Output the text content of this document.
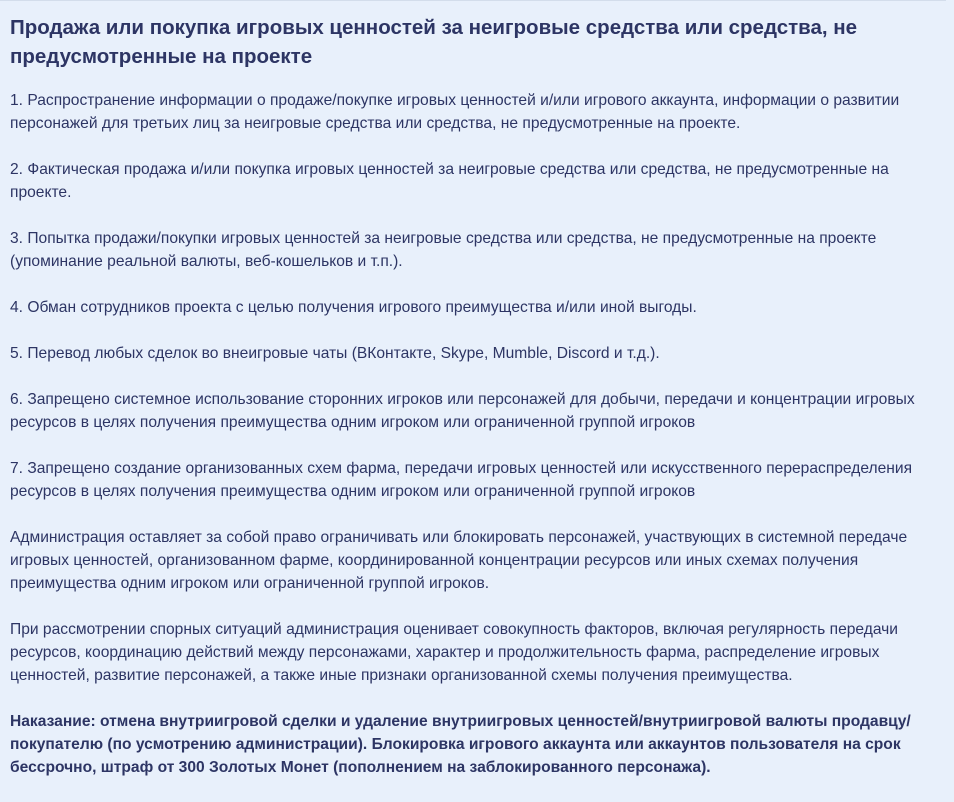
Продажа или покупка игровых ценностей за неигровые средства или средства, не предусмотренные на проекте

1. Распространение информации о продаже/покупке игровых ценностей и/или игрового аккаунта, информации о развитии персонажей для третьих лиц за неигровые средства или средства, не предусмотренные на проекте.

2. Фактическая продажа и/или покупка игровых ценностей за неигровые средства или средства, не предусмотренные на проекте.

3. Попытка продажи/покупки игровых ценностей за неигровые средства или средства, не предусмотренные на проекте (упоминание реальной валюты, веб-кошельков и т.п.).

4. Обман сотрудников проекта с целью получения игрового преимущества и/или иной выгоды.

5. Перевод любых сделок во внеигровые чаты (ВКонтакте, Skype, Mumble, Discord и т.д.).

6. Запрещено системное использование сторонних игроков или персонажей для добычи, передачи и концентрации игровых ресурсов в целях получения преимущества одним игроком или ограниченной группой игроков

7. Запрещено создание организованных схем фарма, передачи игровых ценностей или искусственного перераспределения ресурсов в целях получения преимущества одним игроком или ограниченной группой игроков

Администрация оставляет за собой право ограничивать или блокировать персонажей, участвующих в системной передаче игровых ценностей, организованном фарме, координированной концентрации ресурсов или иных схемах получения преимущества одним игроком или ограниченной группой игроков.

При рассмотрении спорных ситуаций администрация оценивает совокупность факторов, включая регулярность передачи ресурсов, координацию действий между персонажами, характер и продолжительность фарма, распределение игровых ценностей, развитие персонажей, а также иные признаки организованной схемы получения преимущества.

Наказание: отмена внутриигровой сделки и удаление внутриигровых ценностей/внутриигровой валюты продавцу/покупателю (по усмотрению администрации). Блокировка игрового аккаунта или аккаунтов пользователя на срок бессрочно, штраф от 300 Золотых Монет (пополнением на заблокированного персонажа).
